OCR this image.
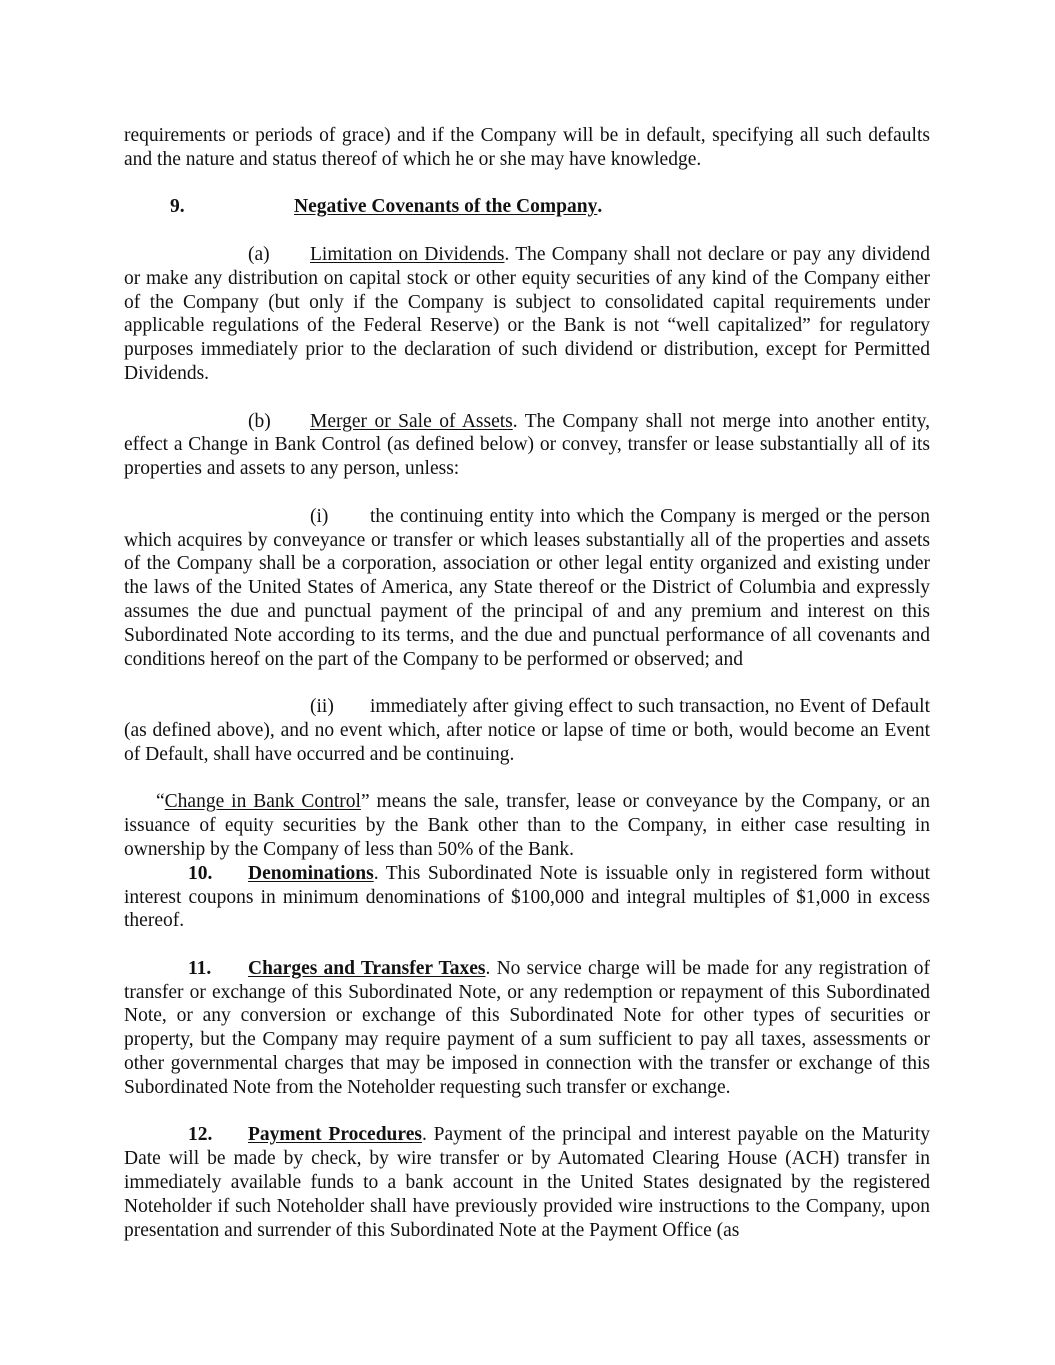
requirements or periods of grace) and if the Company will be in default, specifying all such defaults and the nature and status thereof of which he or she may have knowledge.

9.	Negative Covenants of the Company .

(a) Limitation on Dividends. The Company shall not declare or pay any dividend or make any distribution on capital stock or other equity securities of any kind of the Company either of the Company (but only if the Company is subject to consolidated capital requirements under applicable regulations of the Federal Reserve) or the Bank is not “well capitalized” for regulatory purposes immediately prior to the declaration of such dividend or distribution, except for Permitted Dividends.

(b) Merger or Sale of Assets. The Company shall not merge into another entity, effect a Change in Bank Control (as defined below) or convey, transfer or lease substantially all of its properties and assets to any person, unless:

(i) the continuing entity into which the Company is merged or the person which acquires by conveyance or transfer or which leases substantially all of the properties and assets of the Company shall be a corporation, association or other legal entity organized and existing under the laws of the United States of America, any State thereof or the District of Columbia and expressly assumes the due and punctual payment of the principal of and any premium and interest on this Subordinated Note according to its terms, and the due and punctual performance of all covenants and conditions hereof on the part of the Company to be performed or observed; and

(ii) immediately after giving effect to such transaction, no Event of Default (as defined above), and no event which, after notice or lapse of time or both, would become an Event of Default, shall have occurred and be continuing.

“Change in Bank Control” means the sale, transfer, lease or conveyance by the Company, or an issuance of equity securities by the Bank other than to the Company, in either case resulting in ownership by the Company of less than 50% of the Bank.

10. Denominations. This Subordinated Note is issuable only in registered form without interest coupons in minimum denominations of $100,000 and integral multiples of $1,000 in excess thereof.

11. Charges and Transfer Taxes. No service charge will be made for any registration of transfer or exchange of this Subordinated Note, or any redemption or repayment of this Subordinated Note, or any conversion or exchange of this Subordinated Note for other types of securities or property, but the Company may require payment of a sum sufficient to pay all taxes, assessments or other governmental charges that may be imposed in connection with the transfer or exchange of this Subordinated Note from the Noteholder requesting such transfer or exchange.

12. Payment Procedures. Payment of the principal and interest payable on the Maturity Date will be made by check, by wire transfer or by Automated Clearing House (ACH) transfer in immediately available funds to a bank account in the United States designated by the registered Noteholder if such Noteholder shall have previously provided wire instructions to the Company, upon presentation and surrender of this Subordinated Note at the Payment Office (as
